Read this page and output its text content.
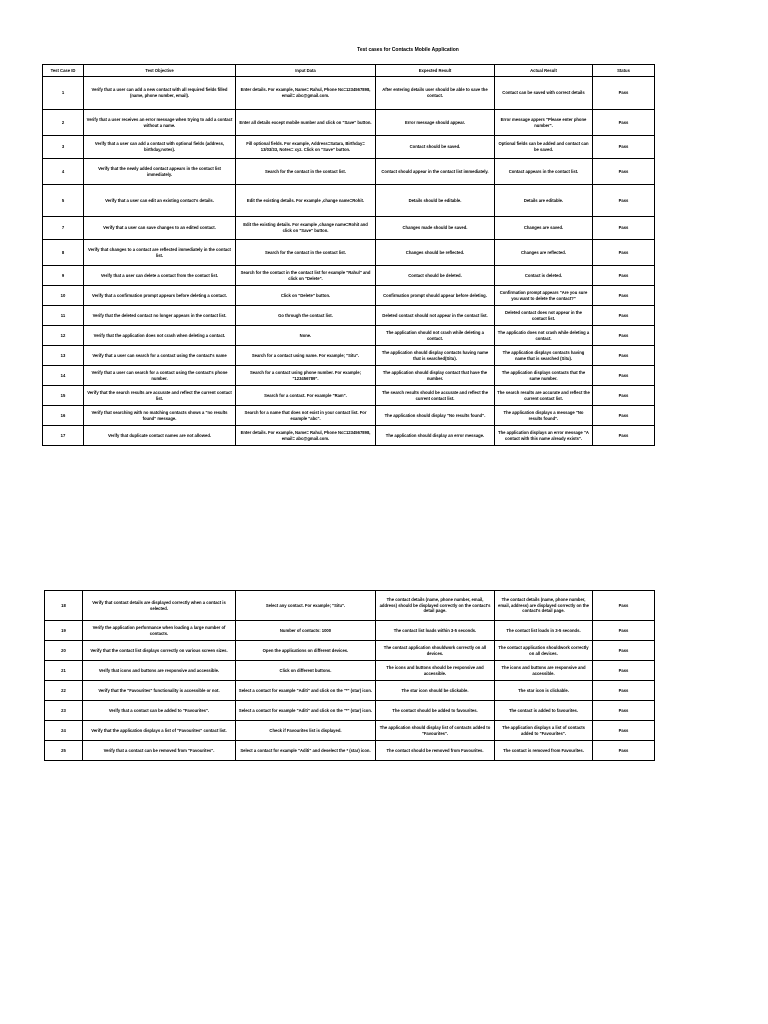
Test cases for Contacts Mobile Application
Test Case ID	Test Objective	Input Data	Expected Result	Actual Result	Status
1	Verify that a user can add a new contact with all required fields filled (name, phone number, email).	Enter details. For example, Name= Rahul, Phone No=1234567898, email= abc@gmail.com.	After entering details user should be able to save the contact.	Contact can be saved with correct details	Pass
2	Verify that a user receives an error message when trying to add a contact without a name.	Enter all details except mobile number and click on "Save" button.	Error message should appear.	Error message appers "Please enter phone number".	Pass
3	Verify that a user can add a contact with optional fields (address, birthday,notes).	Fill optional fields. For example, Address=Satara, Birthday= 13/03/33, Notes= xyz. Click on "Save" button.	Contact should be saved.	Optional fields can be added and contact can be saved.	Pass
4	Verify that the newly added contact appears in the contact list immediately.	Search for the contact in the contact list.	Contact should appear in the contact list immediately.	Contact appears in the contact list.	Pass
5	Verify that a user can edit an existing contact's details.	Edit the existing details. For example ,change name=Rohit.	Details should be editable.	Details are editable.	Pass
7	Verify that a user can save changes to an edited contact.	Edit the existing details. For example ,change name=Rohit and click on "Save" button.	Changes made should be saved.	Changes are saved.	Pass
8	Verify that changes to a contact are reflected immediately in the contact list.	Search for the contact in the contact list.	Changes should be reflected.	Changes are reflected.	Pass
9	Verify that a user can delete a contact from the contact list.	Search for the contact in the contact list for example "Rahul" and click on "Delete".	Contact should be deleted.	Contact is deleted.	Pass
10	Verify that a confirmation prompt appears before deleting a contact.	Click on "Delete" button.	Confirmation prompt should appear before deleting.	Confirmation prompt appears "Are you sure you want to delete the contact?"	Pass
11	Verify that the deleted contact no longer appears in the contact list.	Go through the contact list.	Deleted contact should not appear in the contact list.	Deleted contact does not appear in the contact list.	Pass
12	Verify that the application does not crash when deleting a contact.	None.	The application should not crash while deleting a contact.	The applicatio does not crash while deleting a contact.	Pass
13	Verify that a user can search for a contact using the contact's name	Search for a contact using name. For example; "Situ".	The application should display contacts having name that is searched(Situ).	The application displays contacts having name that is searched (Situ).	Pass
14	Verify that a user can search for a contact using the contact's phone number.	Search for a contact using phone number. For example; "123456789".	The application should display contact that have the number.	The application displays contacts that the same number.	Pass
15	Verify that the search results are accurate and reflect the current contact list.	Search for a contact. For example "Ram".	The search results should be accurate and reflect the current contact list.	The search results are accurate and reflect the current contact list.	Pass
16	Verify that searching with no matching contacts shows a "no results found" message.	Search for a name that does not exist in your contact list. For example "abc".	The application should display "No results found".	The application displays a message "No results found".	Pass
17	Verify that duplicate contact names are not allowed.	Enter details. For example, Name= Rahul, Phone No=1234567898, email= abc@gmail.com.	The application should display an error message.	The application displays an error message "A contact with this name already exists".	Pass
18	Verify that contact details are displayed correctly when a contact is selected.	Select any contact. For example; "Situ".	The contact details (name, phone number, email, address) should be displayed correctly on the contact's detail page.	The contact details (name, phone number, email, address) are displayed correctly on the contact's detail page.	Pass
19	Verify the application performance when loading a large number of contacts.	Number of contacts: 1000	The contact list loads within 3-5 seconds.	The contact list loads in 3-5 seconds.	Pass
20	Verify that the contact list displays correctly on various screen sizes.	Open the applications on different devices.	The contact application shouldwork correctly on all devices.	The contact application shouldwork correctly on all devices.	Pass
21	Verify that icons and buttons are responsive and accessible.	Click on different buttons.	The icons and buttons should be responsive and accessible.	The icons and buttons are responsive and accessible.	Pass
22	Verify that the "Favourites" functionality is accessible or not.	Select a contact for example "Aditi" and click on the "*" (star) icon.	The star icon should be clickable.	The star icon is clickable.	Pass
23	Verify that a contact can be added to "Favourites".	Select a contact for example "Aditi" and click on the "*" (star) icon.	The contact should be added to favourites.	The contact is added to favourites.	Pass
24	Verify that the application displays a list of "Favourites" contact list.	Check if Favourites list is displayed.	The application should display list of contacts added to "Favourites".	The application displays a list of contacts added to "Favourites".	Pass
25	Verify that a contact can be removed from "Favourites".	Select a contact for example "Aditi" and deselect the * (star) icon.	The contact should be removed from Favourites.	The contact is removed from Favourites.	Pass
